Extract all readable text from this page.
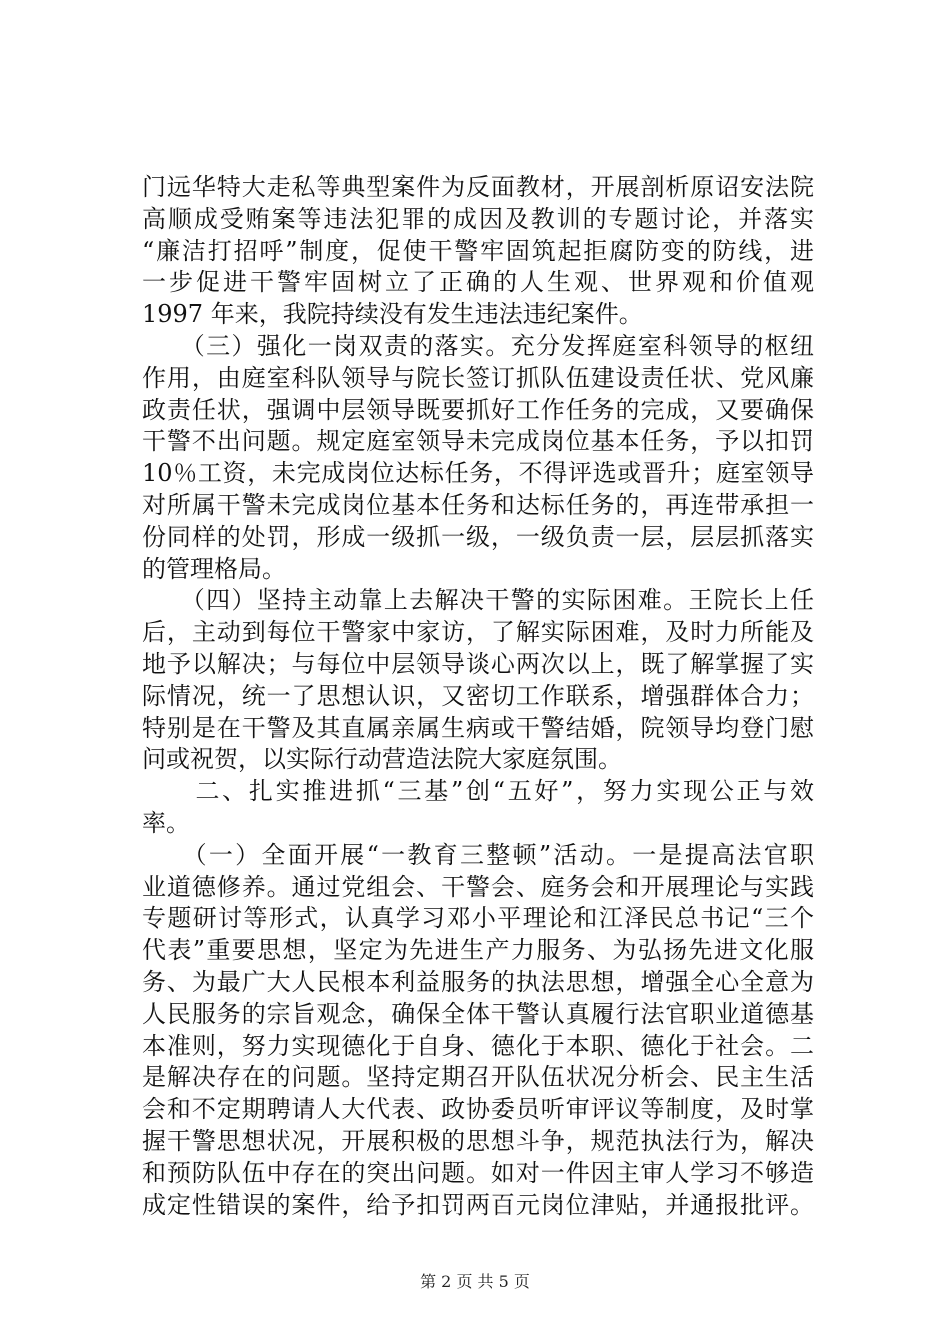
门远华特大走私等典型案件为反面教材，开展剖析原诏安法院
高顺成受贿案等违法犯罪的成因及教训的专题讨论，并落实
“廉洁打招呼”制度，促使干警牢固筑起拒腐防变的防线，进
一步促进干警牢固树立了正确的人生观、世界观和价值观
1997 年来，我院持续没有发生违法违纪案件。
　　（三）强化一岗双责的落实。充分发挥庭室科领导的枢纽
作用，由庭室科队领导与院长签订抓队伍建设责任状、党风廉
政责任状，强调中层领导既要抓好工作任务的完成，又要确保
干警不出问题。规定庭室领导未完成岗位基本任务，予以扣罚
10％工资，未完成岗位达标任务，不得评选或晋升；庭室领导
对所属干警未完成岗位基本任务和达标任务的，再连带承担一
份同样的处罚，形成一级抓一级，一级负责一层，层层抓落实
的管理格局。
　　（四）坚持主动靠上去解决干警的实际困难。王院长上任
后，主动到每位干警家中家访，了解实际困难，及时力所能及
地予以解决；与每位中层领导谈心两次以上，既了解掌握了实
际情况，统一了思想认识，又密切工作联系，增强群体合力；
特别是在干警及其直属亲属生病或干警结婚，院领导均登门慰
问或祝贺，以实际行动营造法院大家庭氛围。
　　二、扎实推进抓“三基”创“五好”，努力实现公正与效
率。
　　（一）全面开展“一教育三整顿”活动。一是提高法官职
业道德修养。通过党组会、干警会、庭务会和开展理论与实践
专题研讨等形式，认真学习邓小平理论和江泽民总书记“三个
代表”重要思想，坚定为先进生产力服务、为弘扬先进文化服
务、为最广大人民根本利益服务的执法思想，增强全心全意为
人民服务的宗旨观念，确保全体干警认真履行法官职业道德基
本准则，努力实现德化于自身、德化于本职、德化于社会。二
是解决存在的问题。坚持定期召开队伍状况分析会、民主生活
会和不定期聘请人大代表、政协委员听审评议等制度，及时掌
握干警思想状况，开展积极的思想斗争，规范执法行为，解决
和预防队伍中存在的突出问题。如对一件因主审人学习不够造
成定性错误的案件，给予扣罚两百元岗位津贴，并通报批评。
第 2 页 共 5 页
